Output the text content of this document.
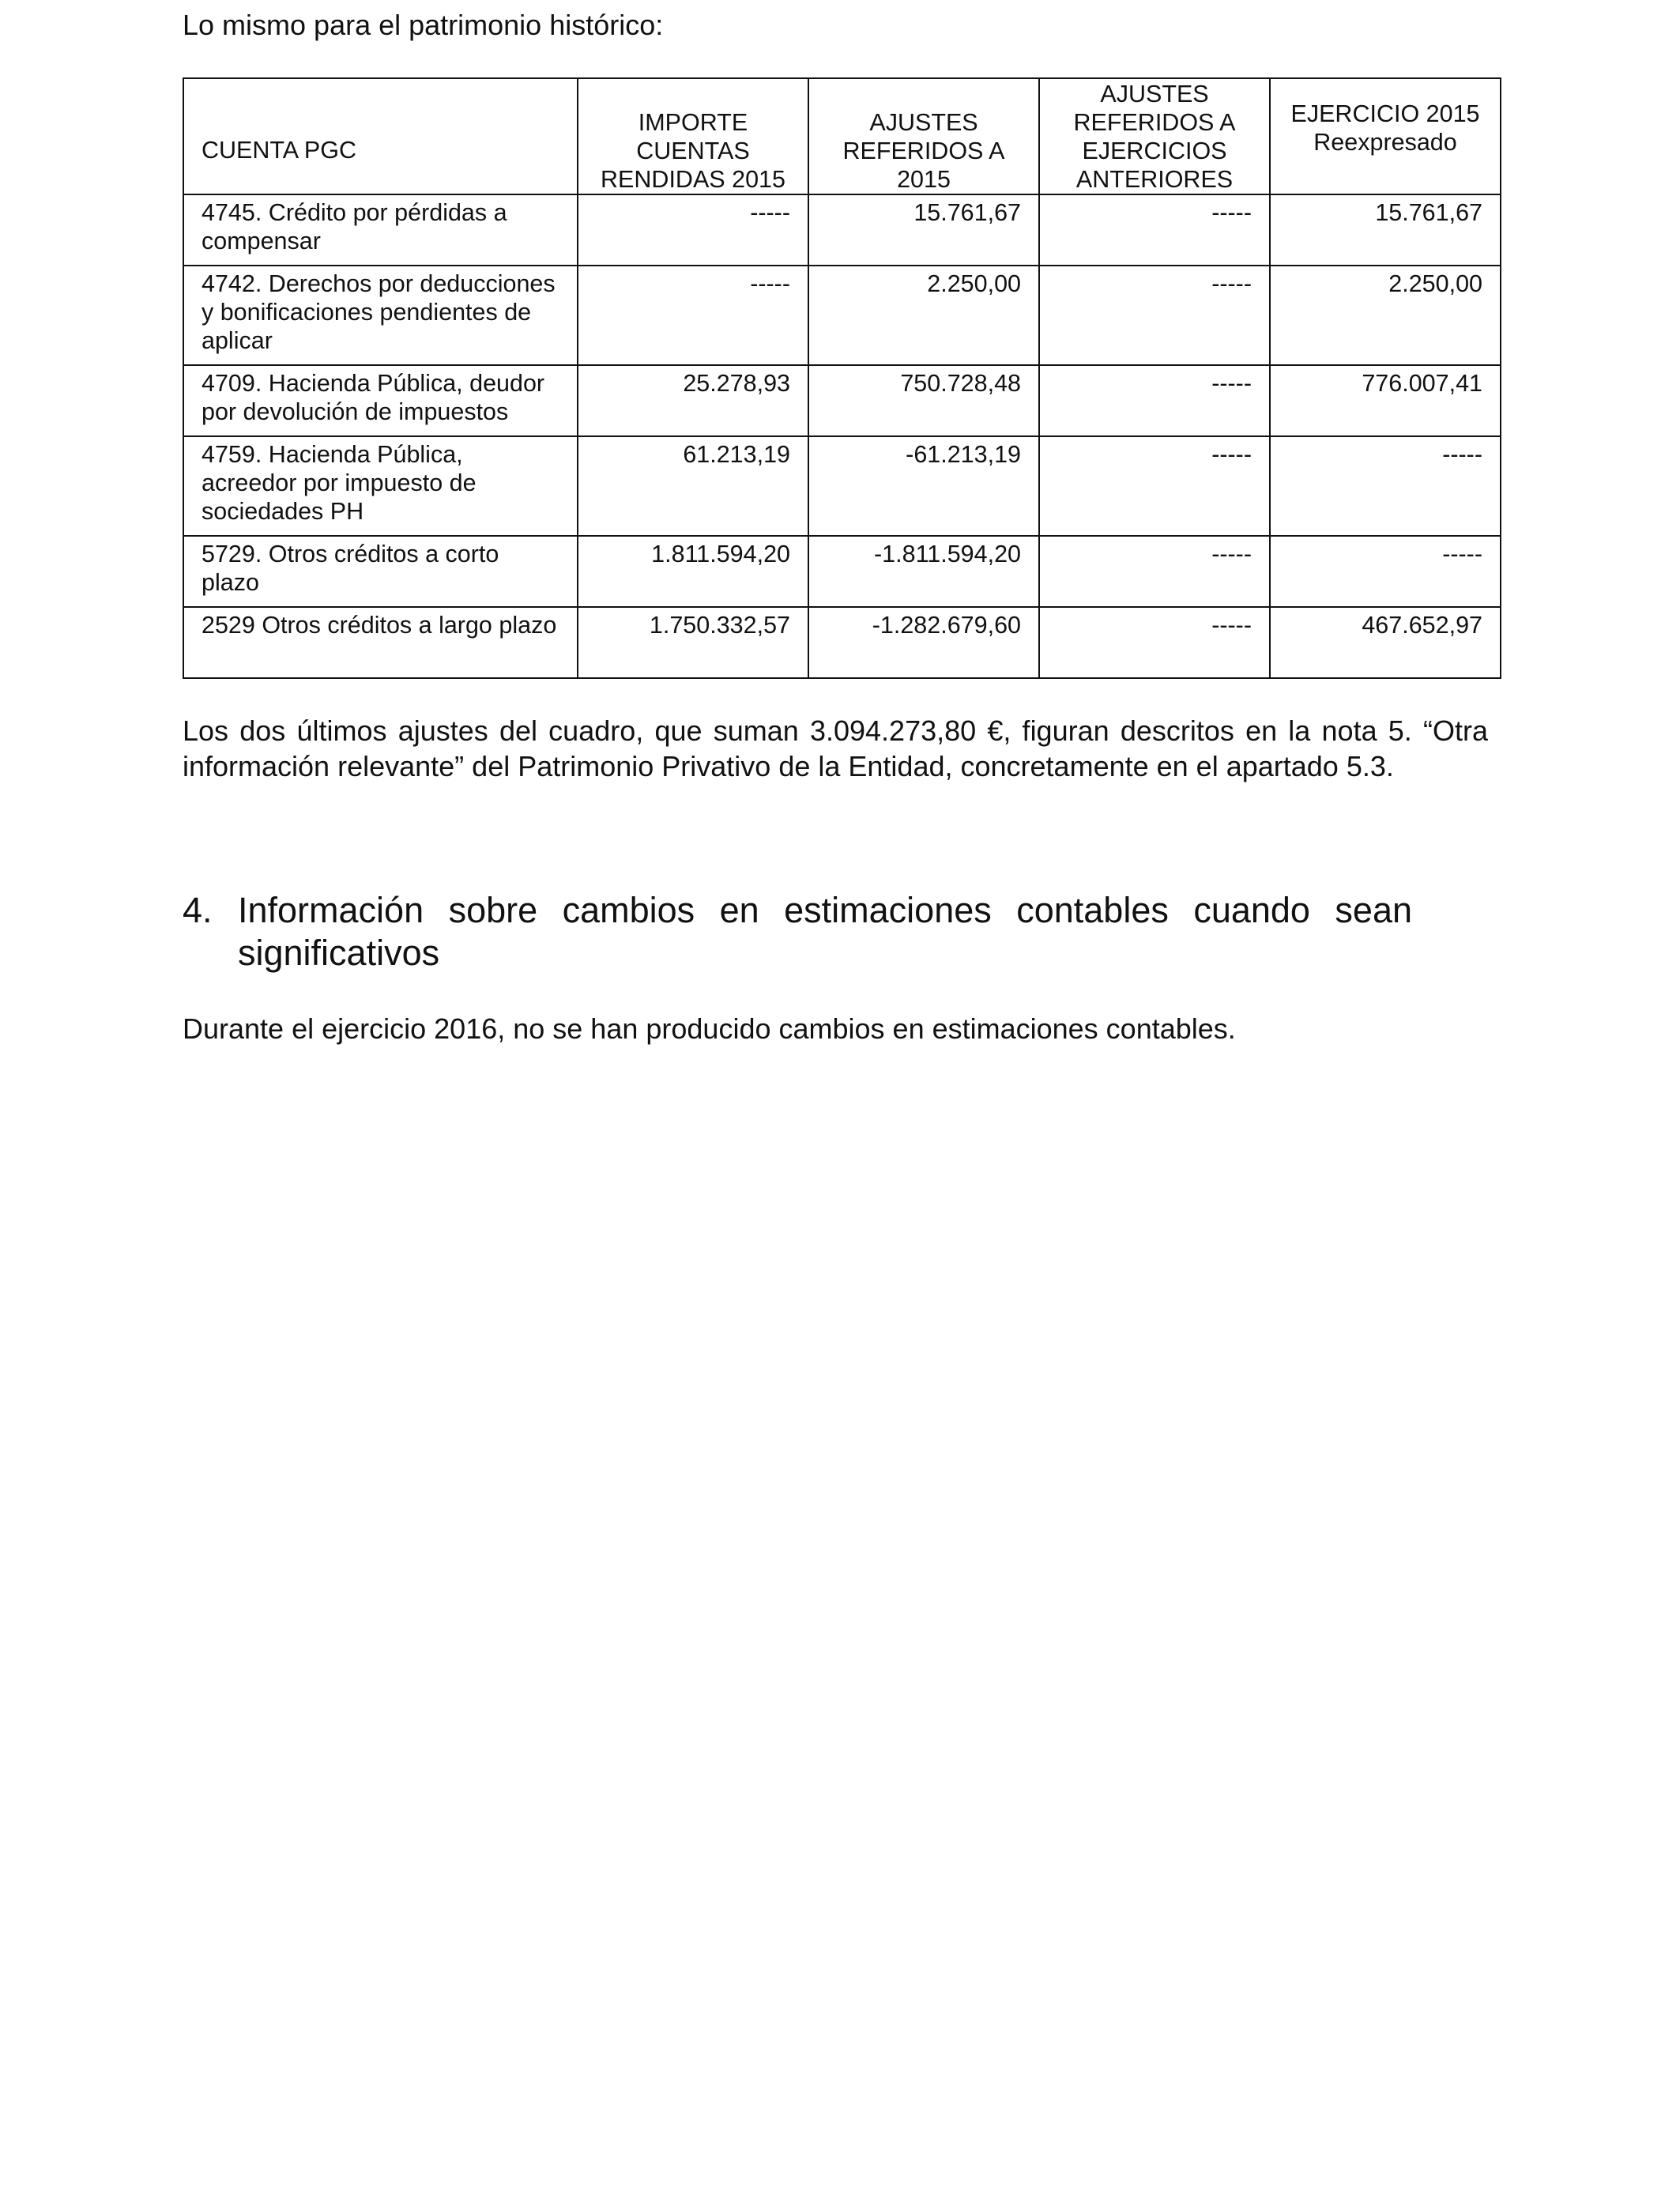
Lo mismo para el patrimonio histórico:

CUENTA PGC	IMPORTE CUENTAS RENDIDAS 2015	AJUSTES REFERIDOS A 2015	AJUSTES REFERIDOS A EJERCICIOS ANTERIORES	EJERCICIO 2015 Reexpresado
4745. Crédito por pérdidas a compensar	-----	15.761,67	-----	15.761,67
4742. Derechos por deducciones y bonificaciones pendientes de aplicar	-----	2.250,00	-----	2.250,00
4709. Hacienda Pública, deudor por devolución de impuestos	25.278,93	750.728,48	-----	776.007,41
4759. Hacienda Pública, acreedor por impuesto de sociedades PH	61.213,19	-61.213,19	-----	-----
5729. Otros créditos a corto plazo	1.811.594,20	-1.811.594,20	-----	-----
2529 Otros créditos a largo plazo	1.750.332,57	-1.282.679,60	-----	467.652,97

Los dos últimos ajustes del cuadro, que suman 3.094.273,80 €, figuran descritos en la nota 5. “Otra información relevante” del Patrimonio Privativo de la Entidad, concretamente en el apartado 5.3.

4. Información sobre cambios en estimaciones contables cuando sean significativos

Durante el ejercicio 2016, no se han producido cambios en estimaciones contables.
